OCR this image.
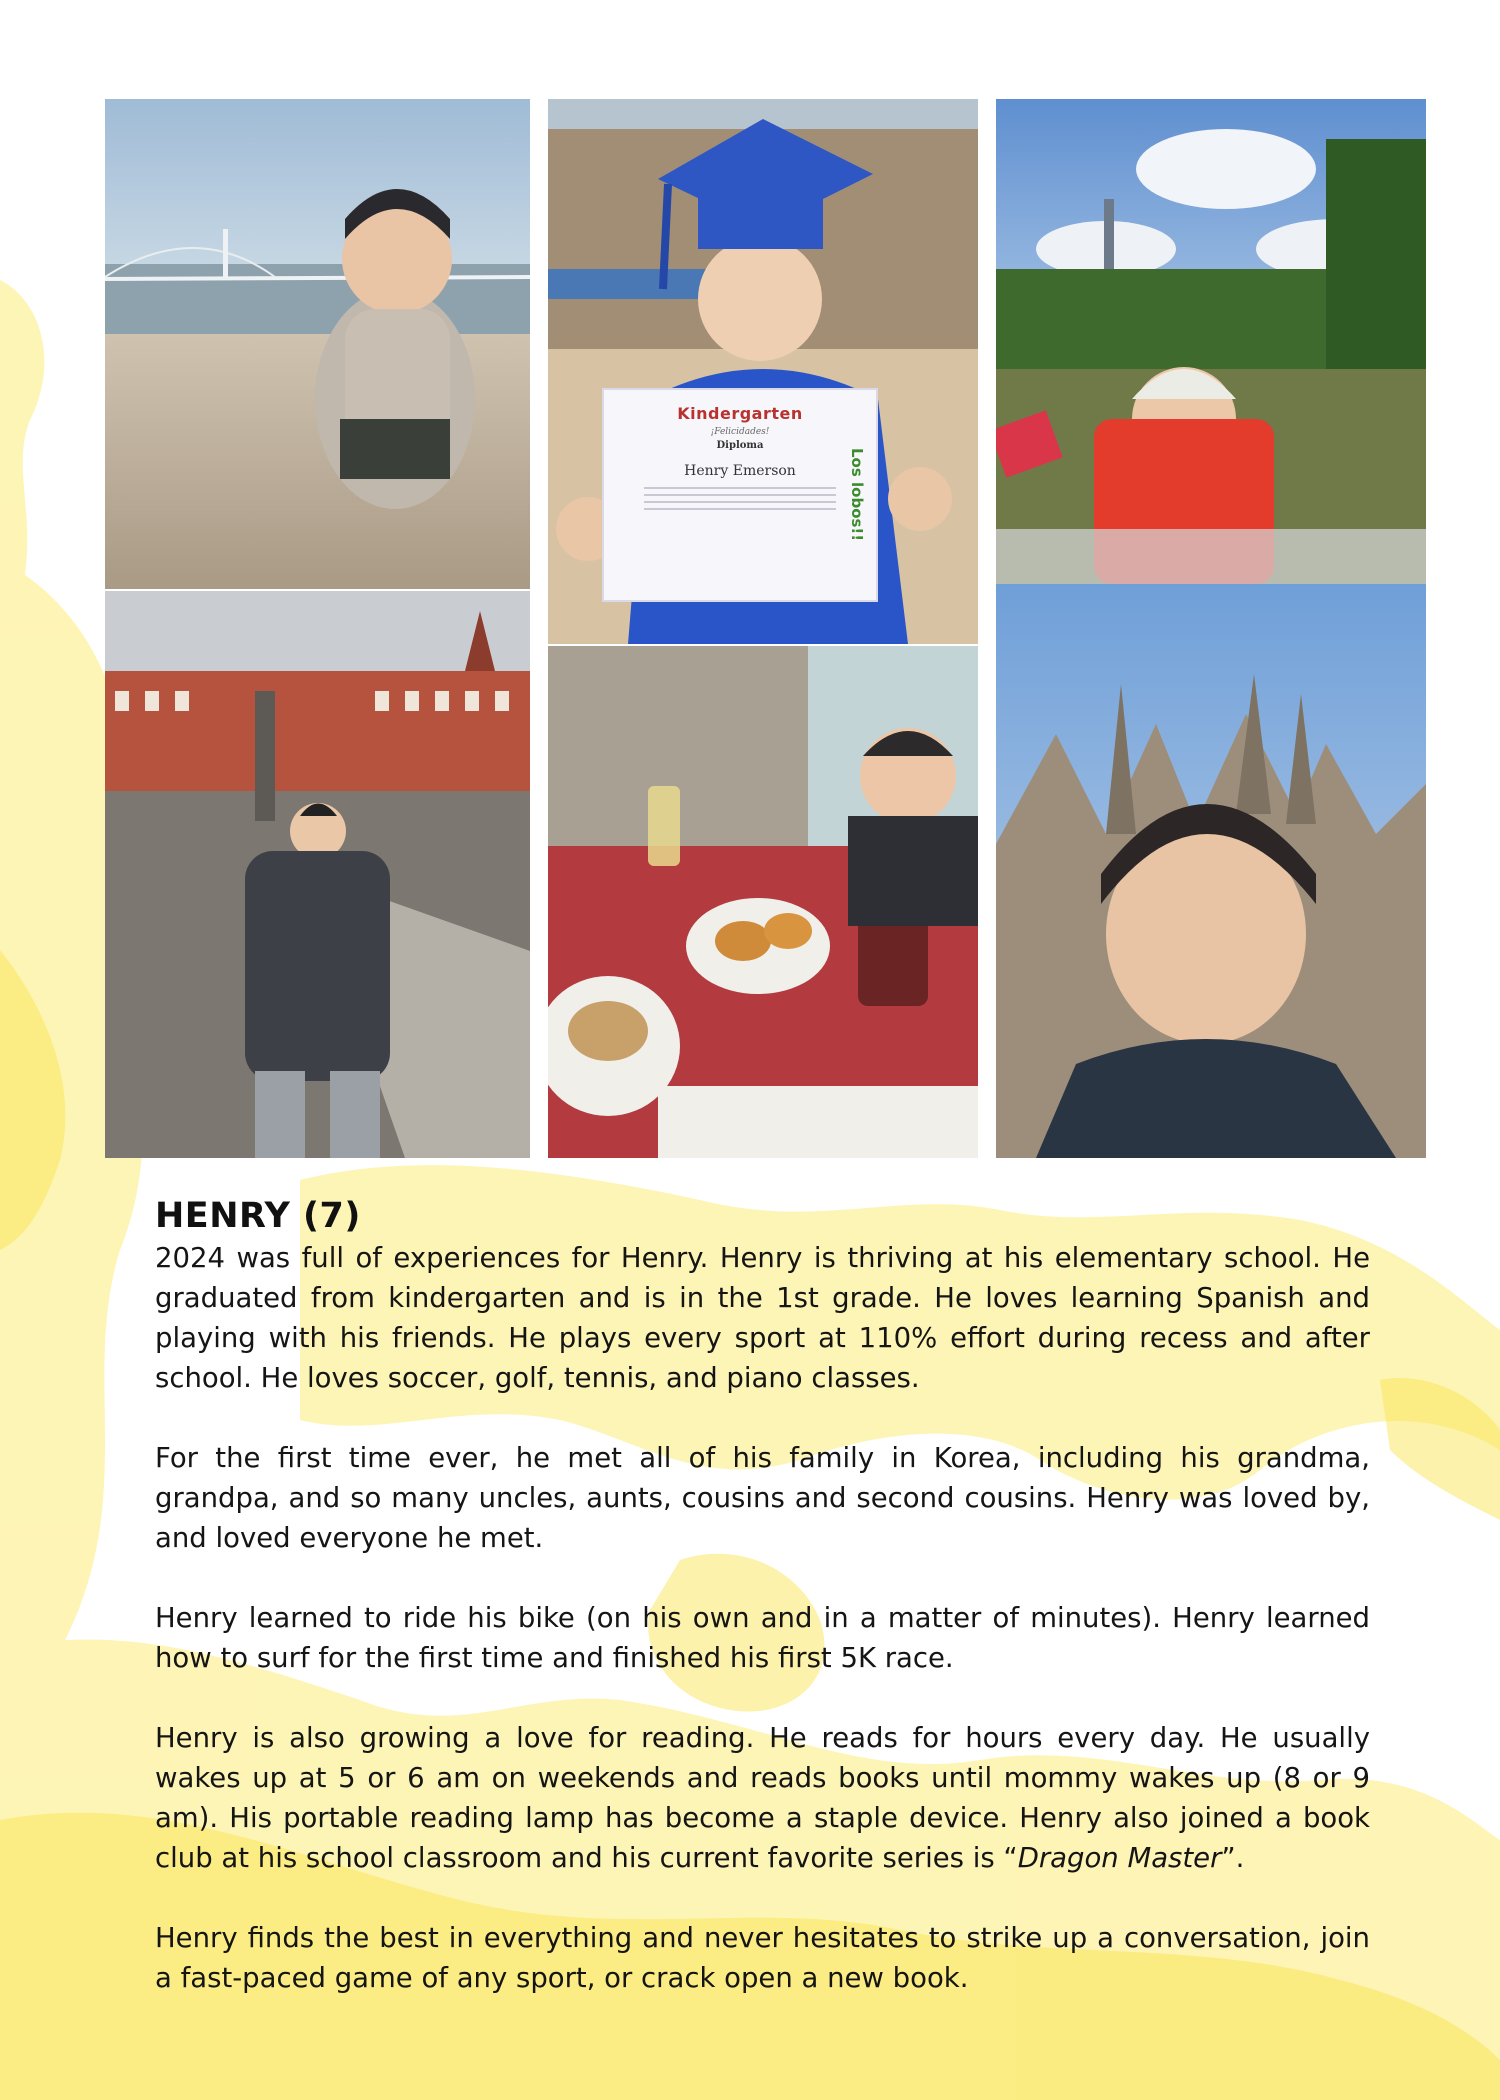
Kindergarten
¡Felicidades!
Diploma
Henry Emerson	Los lobos!!
HENRY (7)

2024 was full of experiences for Henry. Henry is thriving at his elementary school. He graduated from kindergarten and is in the 1st grade. He loves learning Spanish and playing with his friends. He plays every sport at 110% effort during recess and after school. He loves soccer, golf, tennis, and piano classes.

For the first time ever, he met all of his family in Korea, including his grandma, grandpa, and so many uncles, aunts, cousins and second cousins. Henry was loved by, and loved everyone he met.

Henry learned to ride his bike (on his own and in a matter of minutes). Henry learned how to surf for the first time and finished his first 5K race.

Henry is also growing a love for reading. He reads for hours every day. He usually wakes up at 5 or 6 am on weekends and reads books until mommy wakes up (8 or 9 am). His portable reading lamp has become a staple device. Henry also joined a book club at his school classroom and his current favorite series is “Dragon Master”.

Henry finds the best in everything and never hesitates to strike up a conversation, join a fast-paced game of any sport, or crack open a new book.
